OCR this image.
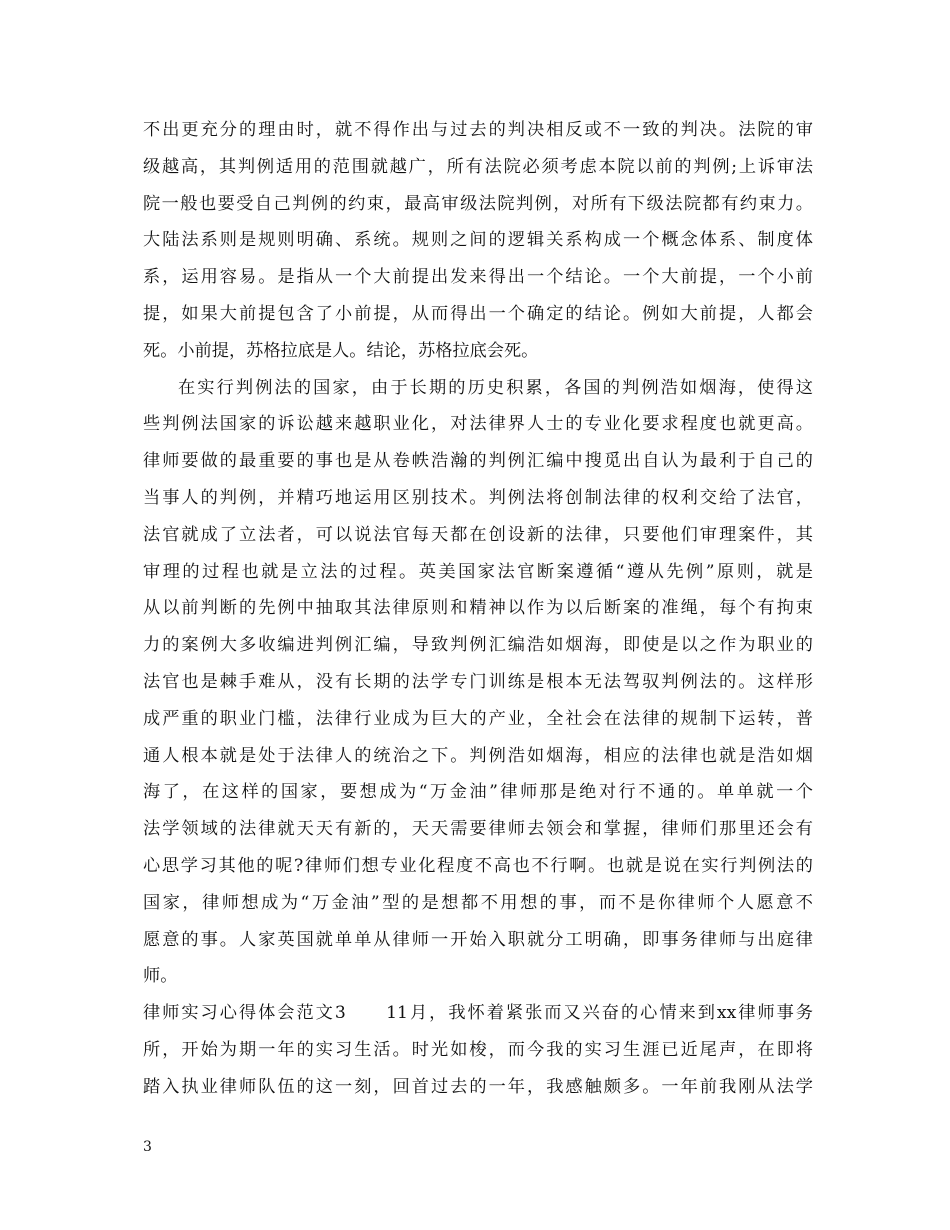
不出更充分的理由时，就不得作出与过去的判决相反或不一致的判决。法院的审
级越高，其判例适用的范围就越广，所有法院必须考虑本院以前的判例;上诉审法
院一般也要受自己判例的约束，最高审级法院判例，对所有下级法院都有约束力。
大陆法系则是规则明确、系统。规则之间的逻辑关系构成一个概念体系、制度体
系，运用容易。是指从一个大前提出发来得出一个结论。一个大前提，一个小前
提，如果大前提包含了小前提，从而得出一个确定的结论。例如大前提，人都会
死。小前提，苏格拉底是人。结论，苏格拉底会死。
在实行判例法的国家，由于长期的历史积累，各国的判例浩如烟海，使得这
些判例法国家的诉讼越来越职业化，对法律界人士的专业化要求程度也就更高。
律师要做的最重要的事也是从卷帙浩瀚的判例汇编中搜觅出自认为最利于自己的
当事人的判例，并精巧地运用区别技术。判例法将创制法律的权利交给了法官，
法官就成了立法者，可以说法官每天都在创设新的法律，只要他们审理案件，其
审理的过程也就是立法的过程。英美国家法官断案遵循“遵从先例”原则，就是
从以前判断的先例中抽取其法律原则和精神以作为以后断案的准绳，每个有拘束
力的案例大多收编进判例汇编，导致判例汇编浩如烟海，即使是以之作为职业的
法官也是棘手难从，没有长期的法学专门训练是根本无法驾驭判例法的。这样形
成严重的职业门槛，法律行业成为巨大的产业，全社会在法律的规制下运转，普
通人根本就是处于法律人的统治之下。判例浩如烟海，相应的法律也就是浩如烟
海了，在这样的国家，要想成为“万金油”律师那是绝对行不通的。单单就一个
法学领域的法律就天天有新的，天天需要律师去领会和掌握，律师们那里还会有
心思学习其他的呢?律师们想专业化程度不高也不行啊。也就是说在实行判例法的
国家，律师想成为“万金油”型的是想都不用想的事，而不是你律师个人愿意不
愿意的事。人家英国就单单从律师一开始入职就分工明确，即事务律师与出庭律
师。
律师实习心得体会范文3　　11月，我怀着紧张而又兴奋的心情来到xx律师事务
所，开始为期一年的实习生活。时光如梭，而今我的实习生涯已近尾声，在即将
踏入执业律师队伍的这一刻，回首过去的一年，我感触颇多。一年前我刚从法学
3
